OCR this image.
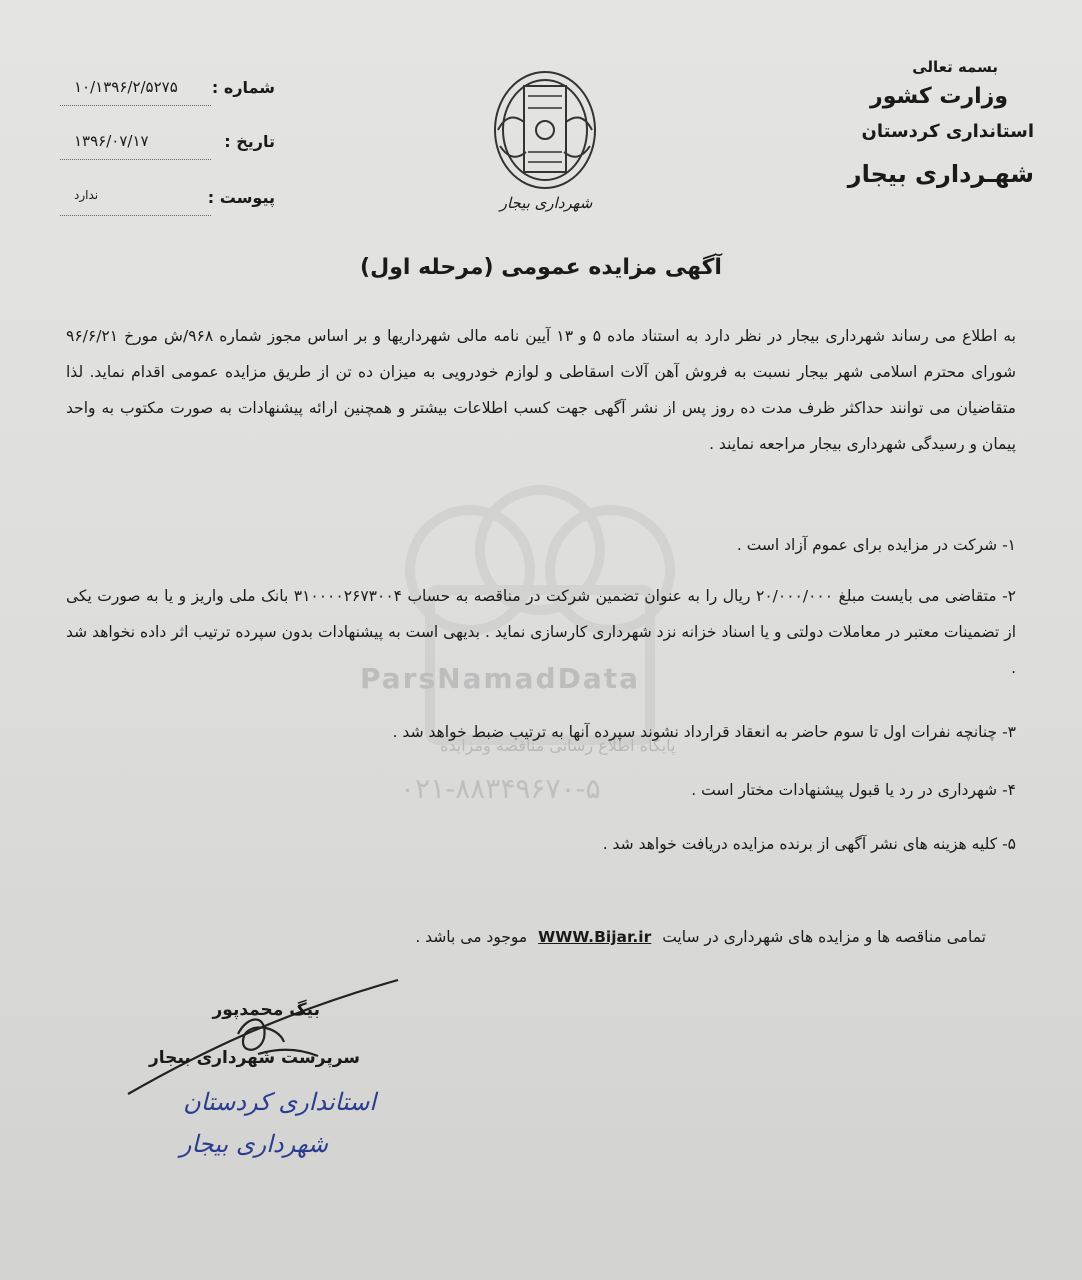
ParsNamadData
پایگاه اطلاع رسانی مناقصه ومزایده
۰۲۱-۸۸۳۴۹۶۷۰-۵
بسمه تعالی
وزارت کشور
استانداری کردستان
شهـرداری بیجار
شهرداری بیجار
شماره :
۱۰/۱۳۹۶/۲/۵۲۷۵
تاریخ :
۱۳۹۶/۰۷/۱۷
پیوست :
ندارد
آگهی مزایده عمومی (مرحله اول)
به اطلاع می رساند شهرداری بیجار در نظر دارد به استناد ماده ۵ و ۱۳ آیین نامه مالی شهرداریها و بر اساس مجوز شماره ۹۶۸/ش مورخ ۹۶/۶/۲۱ شورای محترم اسلامی شهر بیجار نسبت به فروش آهن آلات اسقاطی و لوازم خودرویی به میزان ده تن از طریق مزایده عمومی اقدام نماید. لذا متقاضیان می توانند حداکثر ظرف مدت ده روز پس از نشر آگهی جهت کسب اطلاعات بیشتر و همچنین ارائه پیشنهادات به صورت مکتوب به واحد پیمان و رسیدگی شهرداری بیجار مراجعه نمایند .
۱- شرکت در مزایده برای عموم آزاد است .
۲- متقاضی می بایست مبلغ ۲۰/۰۰۰/۰۰۰ ریال را به عنوان تضمین شرکت در مناقصه به حساب ۳۱۰۰۰۰۲۶۷۳۰۰۴ بانک ملی واریز و یا به صورت یکی از تضمینات معتبر در معاملات دولتی و یا اسناد خزانه نزد شهرداری کارسازی نماید . بدیهی است به پیشنهادات بدون سپرده ترتیب اثر داده نخواهد شد .
۳- چنانچه نفرات اول تا سوم حاضر به انعقاد قرارداد نشوند سپرده آنها به ترتیب ضبط خواهد شد .
۴- شهرداری در رد یا قبول پیشنهادات مختار است .
۵- کلیه هزینه های نشر آگهی از برنده مزایده دریافت خواهد شد .
تمامی مناقصه ها و مزایده های شهرداری در سایت WWW.Bijar.ir موجود می باشد .
بیگ محمدپور
سرپرست شهرداری بیجار
استانداری کردستان
شهرداری بیجار
